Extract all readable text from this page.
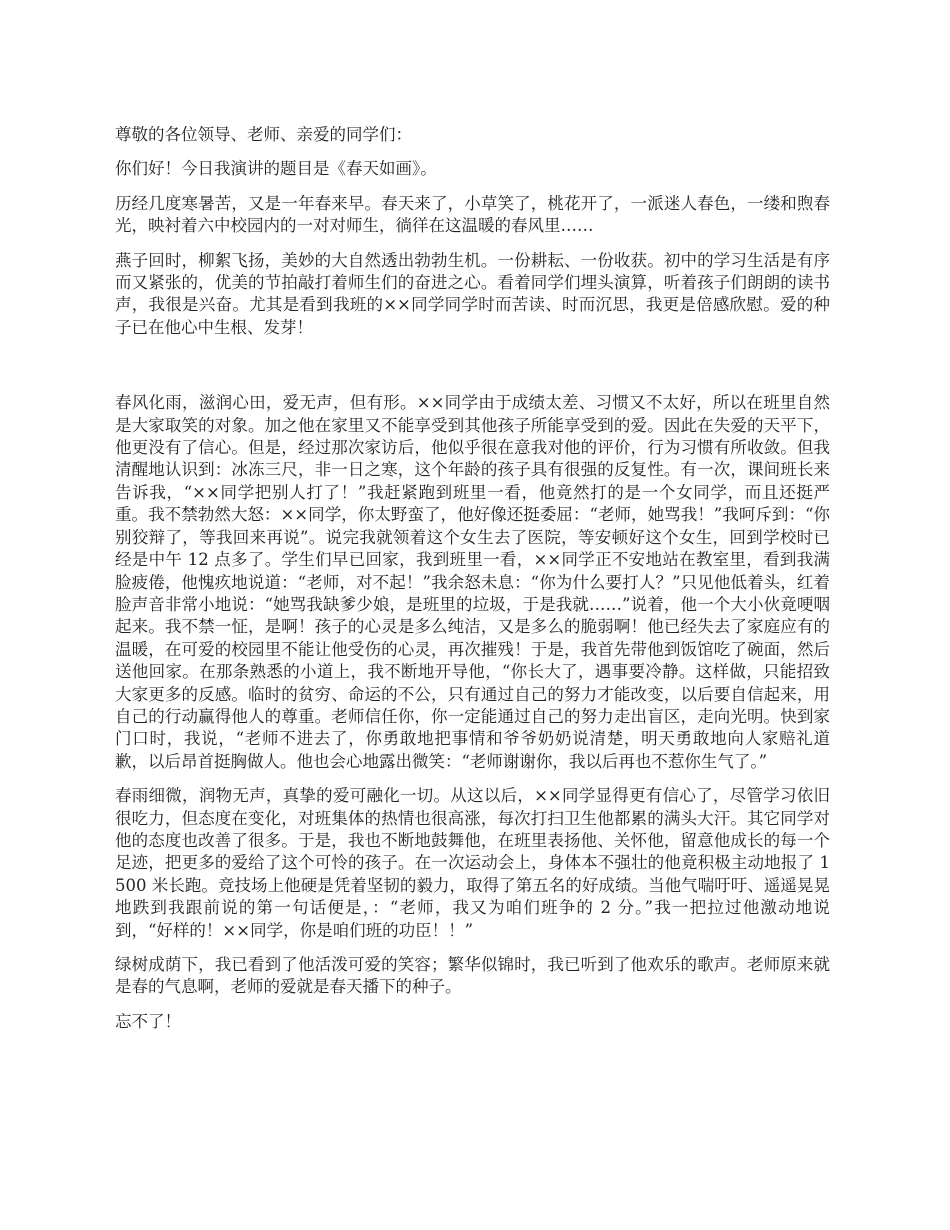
尊敬的各位领导、老师、亲爱的同学们：

你们好！今日我演讲的题目是《春天如画》。

历经几度寒暑苦，又是一年春来早。春天来了，小草笑了，桃花开了，一派迷人春色，一缕和煦春光，映衬着六中校园内的一对对师生，徜徉在这温暖的春风里……

燕子回时，柳絮飞扬，美妙的大自然透出勃勃生机。一份耕耘、一份收获。初中的学习生活是有序而又紧张的，优美的节拍敲打着师生们的奋进之心。看着同学们埋头演算，听着孩子们朗朗的读书声，我很是兴奋。尤其是看到我班的××同学同学时而苦读、时而沉思，我更是倍感欣慰。爱的种子已在他心中生根、发芽！

春风化雨，滋润心田，爱无声，但有形。××同学由于成绩太差、习惯又不太好，所以在班里自然是大家取笑的对象。加之他在家里又不能享受到其他孩子所能享受到的爱。因此在失爱的天平下，他更没有了信心。但是，经过那次家访后，他似乎很在意我对他的评价，行为习惯有所收敛。但我清醒地认识到：冰冻三尺，非一日之寒，这个年龄的孩子具有很强的反复性。有一次，课间班长来告诉我，“××同学把别人打了！”我赶紧跑到班里一看，他竟然打的是一个女同学，而且还挺严重。我不禁勃然大怒：××同学，你太野蛮了，他好像还挺委屈：“老师，她骂我！”我呵斥到：“你别狡辩了，等我回来再说”。说完我就领着这个女生去了医院，等安顿好这个女生，回到学校时已经是中午 12 点多了。学生们早已回家，我到班里一看，××同学正不安地站在教室里，看到我满脸疲倦，他愧疚地说道：“老师，对不起！”我余怒未息：“你为什么要打人？”只见他低着头，红着脸声音非常小地说：“她骂我缺爹少娘，是班里的垃圾，于是我就……”说着，他一个大小伙竟哽咽起来。我不禁一怔，是啊！孩子的心灵是多么纯洁，又是多么的脆弱啊！他已经失去了家庭应有的温暖，在可爱的校园里不能让他受伤的心灵，再次摧残！于是，我首先带他到饭馆吃了碗面，然后送他回家。在那条熟悉的小道上，我不断地开导他，“你长大了，遇事要冷静。这样做，只能招致大家更多的反感。临时的贫穷、命运的不公，只有通过自己的努力才能改变，以后要自信起来，用自己的行动赢得他人的尊重。老师信任你，你一定能通过自己的努力走出盲区，走向光明。快到家门口时，我说，“老师不进去了，你勇敢地把事情和爷爷奶奶说清楚，明天勇敢地向人家赔礼道歉，以后昂首挺胸做人。他也会心地露出微笑：“老师谢谢你，我以后再也不惹你生气了。”

春雨细微，润物无声，真挚的爱可融化一切。从这以后，××同学显得更有信心了，尽管学习依旧很吃力，但态度在变化，对班集体的热情也很高涨，每次打扫卫生他都累的满头大汗。其它同学对他的态度也改善了很多。于是，我也不断地鼓舞他，在班里表扬他、关怀他，留意他成长的每一个足迹，把更多的爱给了这个可怜的孩子。在一次运动会上，身体本不强壮的他竟积极主动地报了 1500 米长跑。竞技场上他硬是凭着坚韧的毅力，取得了第五名的好成绩。当他气喘吁吁、遥遥晃晃地跌到我跟前说的第一句话便是，：“老师，我又为咱们班争的 2 分。”我一把拉过他激动地说到，“好样的！××同学，你是咱们班的功臣！！”

绿树成荫下，我已看到了他活泼可爱的笑容；繁华似锦时，我已听到了他欢乐的歌声。老师原来就是春的气息啊，老师的爱就是春天播下的种子。

忘不了！
